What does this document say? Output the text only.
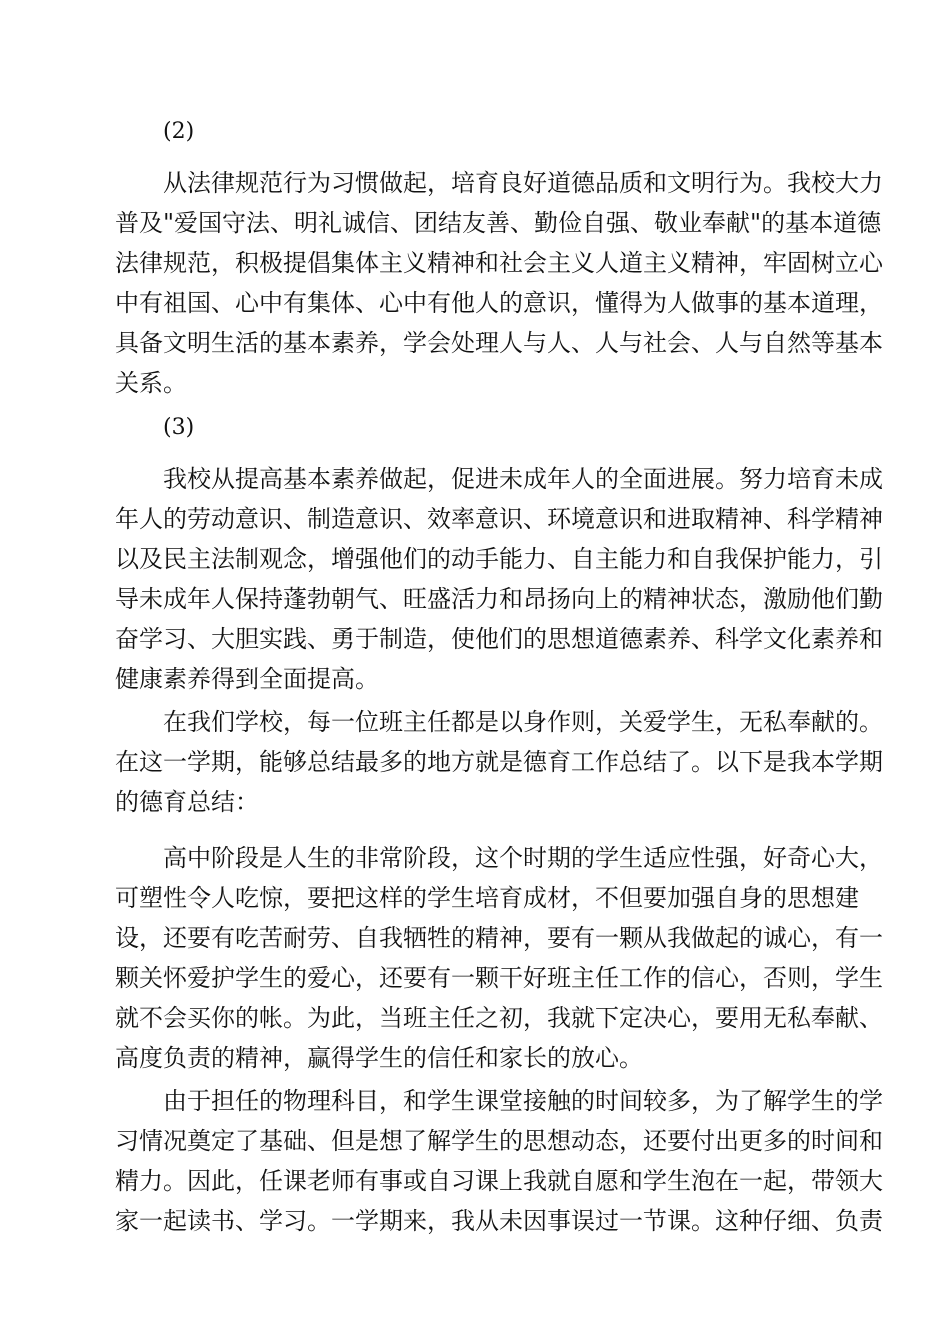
(2)
从法律规范行为习惯做起，培育良好道德品质和文明行为。我校大力
普及"爱国守法、明礼诚信、团结友善、勤俭自强、敬业奉献"的基本道德
法律规范，积极提倡集体主义精神和社会主义人道主义精神，牢固树立心
中有祖国、心中有集体、心中有他人的意识，懂得为人做事的基本道理，
具备文明生活的基本素养，学会处理人与人、人与社会、人与自然等基本
关系。
(3)
我校从提高基本素养做起，促进未成年人的全面进展。努力培育未成
年人的劳动意识、制造意识、效率意识、环境意识和进取精神、科学精神
以及民主法制观念，增强他们的动手能力、自主能力和自我保护能力，引
导未成年人保持蓬勃朝气、旺盛活力和昂扬向上的精神状态，激励他们勤
奋学习、大胆实践、勇于制造，使他们的思想道德素养、科学文化素养和
健康素养得到全面提高。
在我们学校，每一位班主任都是以身作则，关爱学生，无私奉献的。
在这一学期，能够总结最多的地方就是德育工作总结了。以下是我本学期
的德育总结：
高中阶段是人生的非常阶段，这个时期的学生适应性强，好奇心大，
可塑性令人吃惊，要把这样的学生培育成材，不但要加强自身的思想建
设，还要有吃苦耐劳、自我牺牲的精神，要有一颗从我做起的诚心，有一
颗关怀爱护学生的爱心，还要有一颗干好班主任工作的信心，否则，学生
就不会买你的帐。为此，当班主任之初，我就下定决心，要用无私奉献、
高度负责的精神，赢得学生的信任和家长的放心。
由于担任的物理科目，和学生课堂接触的时间较多，为了解学生的学
习情况奠定了基础、但是想了解学生的思想动态，还要付出更多的时间和
精力。因此，任课老师有事或自习课上我就自愿和学生泡在一起，带领大
家一起读书、学习。一学期来，我从未因事误过一节课。这种仔细、负责
